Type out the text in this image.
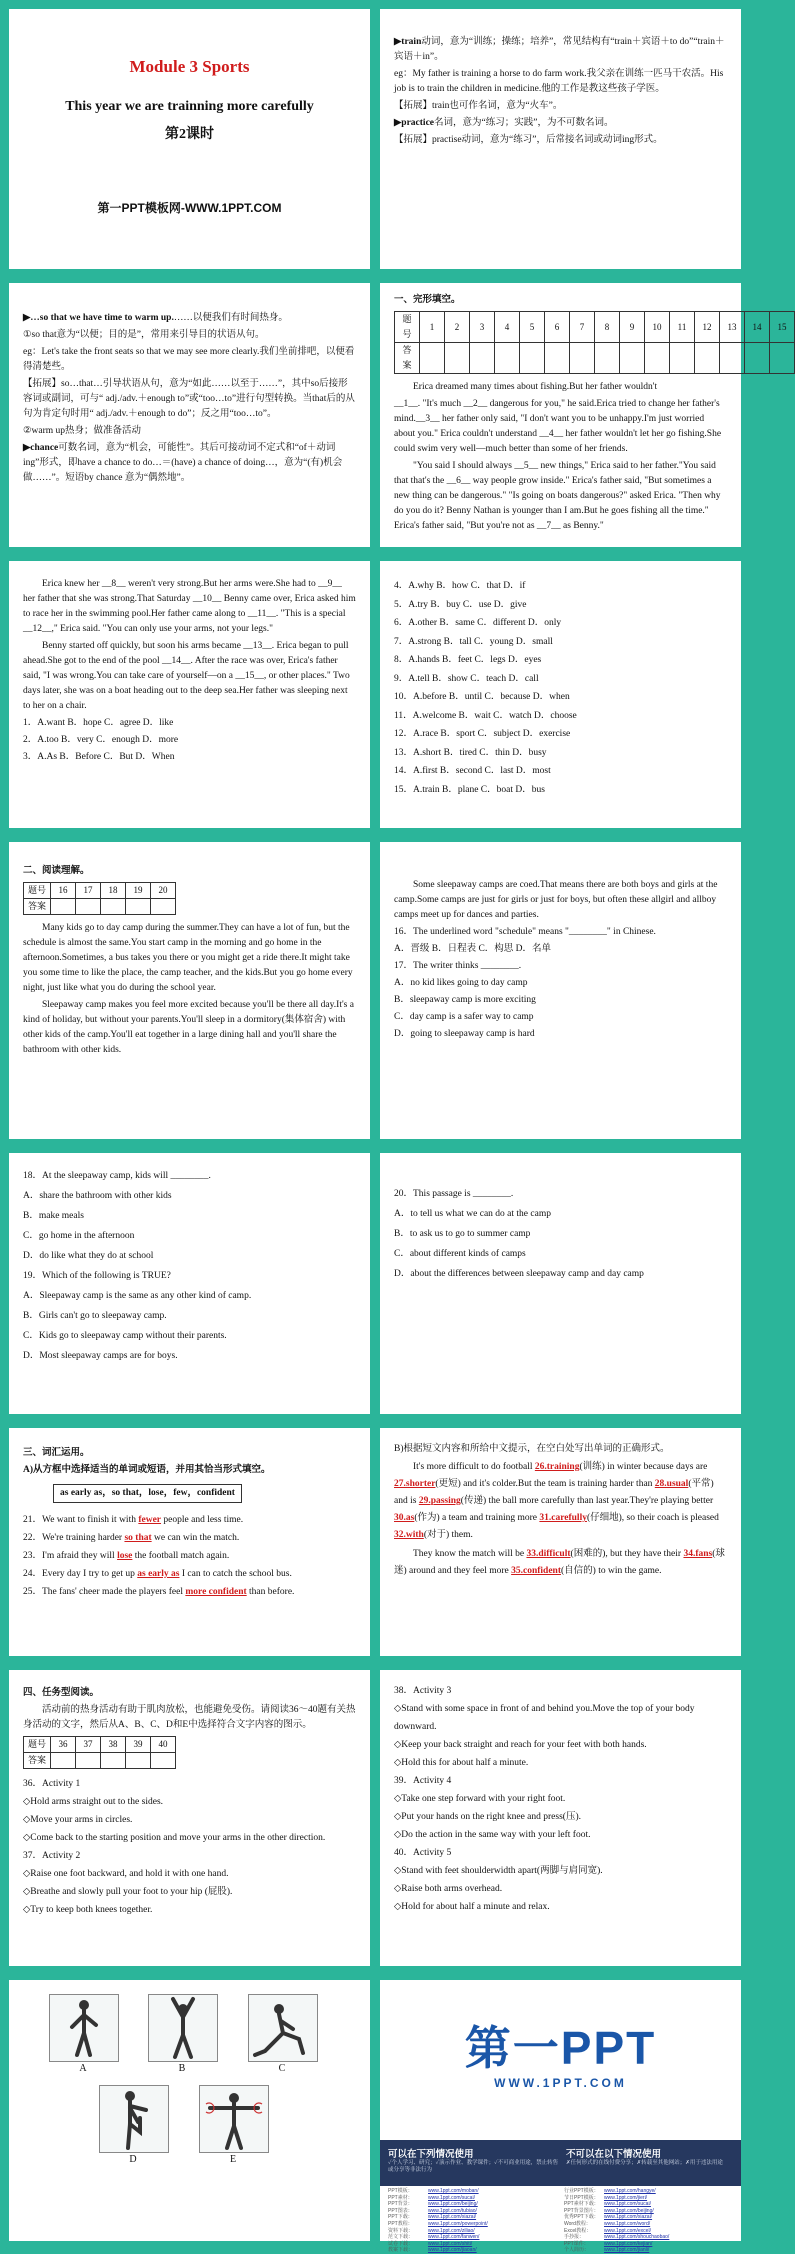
Module 3 Sports
This year we are trainning more carefully
第2课时
第一PPT模板网-WWW.1PPT.COM

▶train动词，意为“训练；操练；培养”，常见结构有“train＋宾语＋to do”“train＋宾语＋in”。

eg：My father is training a horse to do farm work.我父亲在训练一匹马干农活。His job is to train the children in medicine.他的工作是教这些孩子学医。

【拓展】train也可作名词，意为“火车”。

▶practice名词，意为“练习；实践”，为不可数名词。

【拓展】practise动词，意为“练习”，后常接名词或动词ing形式。

▶…so that we have time to warm up.……以便我们有时间热身。

①so that意为“以便；目的是”，常用来引导目的状语从句。

eg：Let's take the front seats so that we may see more clearly.我们坐前排吧，以便看得清楚些。

【拓展】so…that…引导状语从句，意为“如此……以至于……”，其中so后接形容词或副词，可与“ adj./adv.＋enough to”或“too…to”进行句型转换。当that后的从句为肯定句时用“ adj./adv.＋enough to do”；反之用“too…to”。

②warm up热身；做准备活动

▶chance可数名词，意为“机会，可能性”。其后可接动词不定式和“of＋动词ing”形式，即have a chance to do…＝(have) a chance of doing…，意为“(有)机会做……”。短语by chance 意为“偶然地”。

一、完形填空。

题号	1	2	3	4	5	6	7	8	9	10	11	12	13	14	15
答案															

Erica dreamed many times about fishing.But her father wouldn't

__1__. "It's much __2__ dangerous for you," he said.Erica tried to change her father's mind.__3__ her father only said, "I don't want you to be unhappy.I'm just worried about you." Erica couldn't understand __4__ her father wouldn't let her go fishing.She could swim very well—much better than some of her friends.

"You said I should always __5__ new things," Erica said to her father."You said that that's the __6__ way people grow inside." Erica's father said, "But sometimes a new thing can be dangerous." "Is going on boats dangerous?" asked Erica. "Then why do you do it? Benny Nathan is younger than I am.But he goes fishing all the time." Erica's father said, "But you're not as __7__ as Benny."

Erica knew her __8__ weren't very strong.But her arms were.She had to __9__ her father that she was strong.That Saturday __10__ Benny came over, Erica asked him to race her in the swimming pool.Her father came along to __11__. "This is a special __12__," Erica said. "You can only use your arms, not your legs."

Benny started off quickly, but soon his arms became __13__. Erica began to pull ahead.She got to the end of the pool __14__. After the race was over, Erica's father said, "I was wrong.You can take care of yourself—on a __15__, or other places." Two days later, she was on a boat heading out to the deep sea.Her father was sleeping next to her on a chair.

1．A.want B．hope C．agree D．like

2．A.too B．very C．enough D．more

3．A.As B．Before C．But D．When

4．A.why B．how C．that D．if
5．A.try B．buy C．use D．give
6．A.other B．same C．different D．only
7．A.strong B．tall C．young D．small
8．A.hands B．feet C．legs D．eyes
9．A.tell B．show C．teach D．call
10．A.before B．until C．because D．when
11．A.welcome B．wait C．watch D．choose
12．A.race B．sport C．subject D．exercise
13．A.short B．tired C．thin D．busy
14．A.first B．second C．last D．most
15．A.train B．plane C．boat D．bus

二、阅读理解。

题号	16	17	18	19	20
答案					

Many kids go to day camp during the summer.They can have a lot of fun, but the schedule is almost the same.You start camp in the morning and go home in the afternoon.Sometimes, a bus takes you there or you might get a ride there.It might take you some time to like the place, the camp teacher, and the kids.But you go home every night, just like what you do during the school year.

Sleepaway camp makes you feel more excited because you'll be there all day.It's a kind of holiday, but without your parents.You'll sleep in a dormitory(集体宿舍) with other kids of the camp.You'll eat together in a large dining hall and you'll share the bathroom with other kids.

Some sleepaway camps are coed.That means there are both boys and girls at the camp.Some camps are just for girls or just for boys, but often these allgirl and allboy camps meet up for dances and parties.

16．The underlined word "schedule" means "________" in Chinese.

A．晋级 B．日程表 C．构思 D．名单

17．The writer thinks ________.

A．no kid likes going to day camp

B．sleepaway camp is more exciting

C．day camp is a safer way to camp

D．going to sleepaway camp is hard

18．At the sleepaway camp, kids will ________.

A．share the bathroom with other kids

B．make meals

C．go home in the afternoon

D．do like what they do at school

19．Which of the following is TRUE?

A．Sleepaway camp is the same as any other kind of camp.

B．Girls can't go to sleepaway camp.

C．Kids go to sleepaway camp without their parents.

D．Most sleepaway camps are for boys.

20．This passage is ________.

A．to tell us what we can do at the camp

B．to ask us to go to summer camp

C．about different kinds of camps

D．about the differences between sleepaway camp and day camp

三、词汇运用。

A)从方框中选择适当的单词或短语，并用其恰当形式填空。

as early as，so that，lose，few，confident
21．We want to finish it with fewer people and less time.
22．We're training harder so that we can win the match.
23．I'm afraid they will lose the football match again.
24．Every day I try to get up as early as I can to catch the school bus.
25．The fans' cheer made the players feel more confident than before.

B)根据短文内容和所给中文提示，在空白处写出单词的正确形式。

It's more difficult to do football 26.training(训练) in winter because days are 27.shorter(更短) and it's colder.But the team is training harder than 28.usual(平常) and is 29.passing(传递) the ball more carefully than last year.They're playing better 30.as(作为) a team and training more 31.carefully(仔细地), so their coach is pleased 32.with(对于) them.

They know the match will be 33.difficult(困难的), but they have their 34.fans(球迷) around and they feel more 35.confident(自信的) to win the game.

四、任务型阅读。

活动前的热身活动有助于肌肉放松，也能避免受伤。请阅读36～40题有关热身活动的文字，然后从A、B、C、D和E中选择符合文字内容的图示。

题号	36	37	38	39	40
答案					
36．Activity 1
◇Hold arms straight out to the sides.
◇Move your arms in circles.
◇Come back to the starting position and move your arms in the other direction.
37．Activity 2
◇Raise one foot backward, and hold it with one hand.
◇Breathe and slowly pull your foot to your hip (屁股).
◇Try to keep both knees together.
38．Activity 3
◇Stand with some space in front of and behind you.Move the top of your body downward.
◇Keep your back straight and reach for your feet with both hands.
◇Hold this for about half a minute.
39．Activity 4
◇Take one step forward with your right foot.
◇Put your hands on the right knee and press(压).
◇Do the action in the same way with your left foot.
40．Activity 5
◇Stand with feet shoulderwidth apart(两脚与肩同宽).
◇Raise both arms overhead.
◇Hold for about half a minute and relax.
A	B	C
D	E
第一PPT
WWW.1PPT.COM
可以在下列情况使用
✓个人学习、研究；✓演示作业、教学课件；✓不可商业用途，禁止转售或分享等非法行为
不可以在以下情况使用
✗任何形式的在线付费分享；✗转载至其他网站；✗用于违法用途
PPT模板：	www.1ppt.com/moban/
PPT素材：	www.1ppt.com/sucai/
PPT背景：	www.1ppt.com/beijing/
PPT图表：	www.1ppt.com/tubiao/
PPT下载：	www.1ppt.com/xiazai/
PPT教程：	www.1ppt.com/powerpoint/
资料下载：	www.1ppt.com/ziliao/
范文下载：	www.1ppt.com/fanwen/
试卷下载：	www.1ppt.com/shiti/
教案下载：	www.1ppt.com/jiaoan/
行业PPT模板： www.1ppt.com/hangye/
节日PPT模板： www.1ppt.com/jieri/
PPT素材下载： www.1ppt.com/sucai/
PPT背景图片： www.1ppt.com/beijing/
优秀PPT下载： www.1ppt.com/xiazai/
Word教程：	www.1ppt.com/word/
Excel教程：	www.1ppt.com/excel/
手抄报：	www.1ppt.com/shouchaobao/
PPT课件：	www.1ppt.com/kejian/
个人简历：	www.1ppt.com/jianli/
